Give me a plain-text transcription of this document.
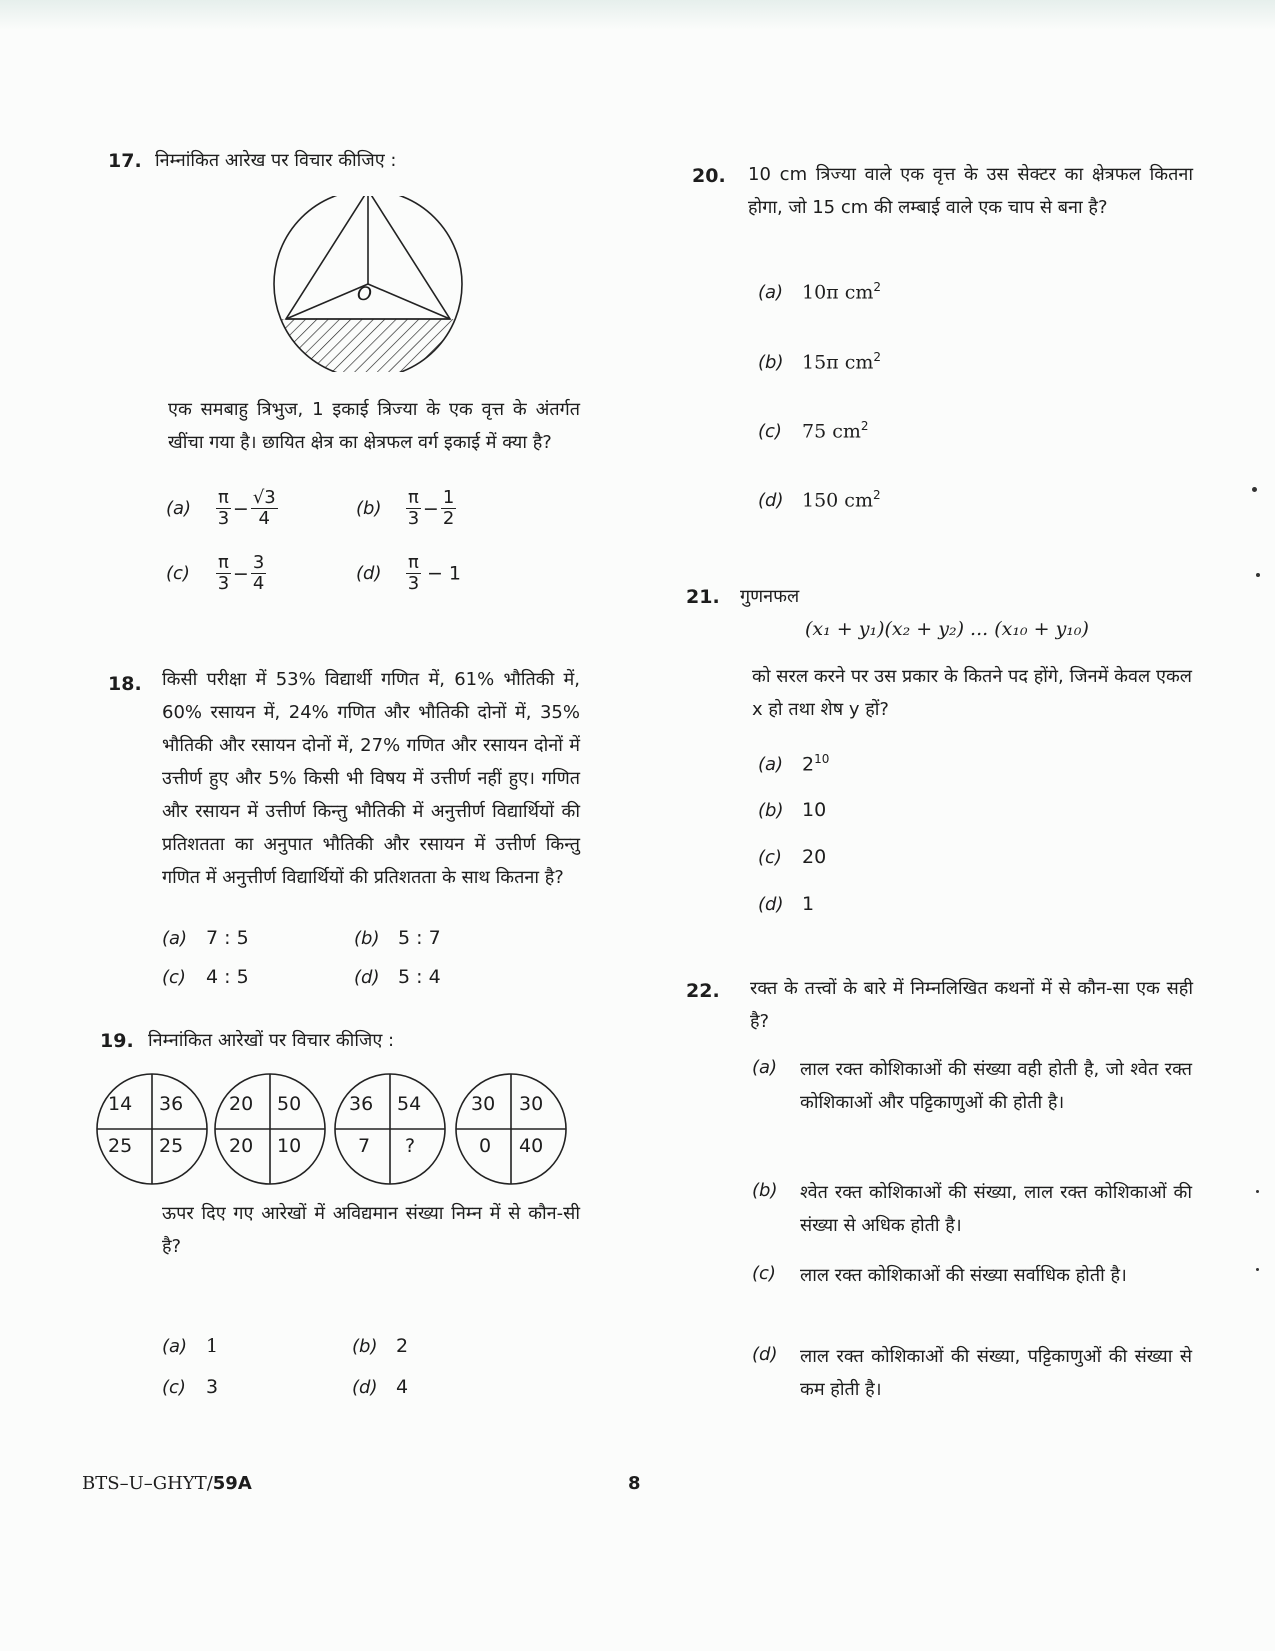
17. निम्नांकित आरेख पर विचार कीजिए :
O
एक समबाहु त्रिभुज, 1 इकाई त्रिज्या के एक वृत्त के अंतर्गत खींचा गया है। छायित क्षेत्र का क्षेत्रफल वर्ग इकाई में क्या है?
$(a) \frac{\pi}{3} - \frac{√3}{4}$	$(b) \frac{\pi}{3} - \frac{1}{2}$
$(c) \frac{\pi}{3} - \frac{3}{4}$	$(d) \frac{\pi}{3} - 1$
18. किसी परीक्षा में 53% विद्यार्थी गणित में, 61% भौतिकी में, 60% रसायन में, 24% गणित और भौतिकी दोनों में, 35% भौतिकी और रसायन दोनों में, 27% गणित और रसायन दोनों में उत्तीर्ण हुए और 5% किसी भी विषय में उत्तीर्ण नहीं हुए। गणित और रसायन में उत्तीर्ण किन्तु भौतिकी में अनुत्तीर्ण विद्यार्थियों की प्रतिशतता का अनुपात भौतिकी और रसायन में उत्तीर्ण किन्तु गणित में अनुत्तीर्ण विद्यार्थियों की प्रतिशतता के साथ कितना है?
(a) 7 : 5	(b) 5 : 7
(c) 4 : 5	(d) 5 : 4
19. निम्नांकित आरेखों पर विचार कीजिए :
14 36
25 25
20 50
20 10
36 54
7 ?
30 30
0 40
ऊपर दिए गए आरेखों में अविद्यमान संख्या निम्न में से कौन-सी है?
(a) 1	(b) 2
(c) 3	(d) 4
20. 10 cm त्रिज्या वाले एक वृत्त के उस सेक्टर का क्षेत्रफल कितना होगा, जो 15 cm की लम्बाई वाले एक चाप से बना है?
(a) 10π $cm^2$
(b) 15π $cm^2$
(c) 75 $cm^2$
(d) 150 $cm^2$
21. गुणनफल
(x₁ + y₁)(x₂ + y₂) ... (x₁₀ + y₁₀)
को सरल करने पर उस प्रकार के कितने पद होंगे, जिनमें केवल एकल x हो तथा शेष y हों?
(a) $2^{10}$
(b) 10
(c) 20
(d) 1
22. रक्त के तत्त्वों के बारे में निम्नलिखित कथनों में से कौन-सा एक सही है?
(a) लाल रक्त कोशिकाओं की संख्या वही होती है, जो श्वेत रक्त कोशिकाओं और पट्टिकाणुओं की होती है।
(b) श्वेत रक्त कोशिकाओं की संख्या, लाल रक्त कोशिकाओं की संख्या से अधिक होती है।
(c) लाल रक्त कोशिकाओं की संख्या सर्वाधिक होती है।
(d) लाल रक्त कोशिकाओं की संख्या, पट्टिकाणुओं की संख्या से कम होती है।
BTS–U–GHYT/59A	8
